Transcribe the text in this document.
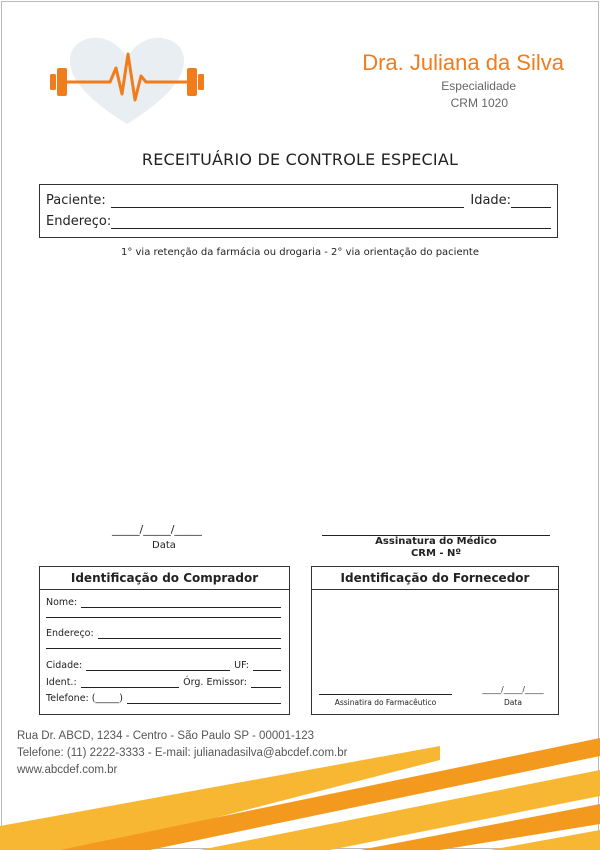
Dra. Juliana da Silva
Especialidade
CRM 1020
RECEITUÁRIO DE CONTROLE ESPECIAL
Paciente:	Idade:
Endereço:
1° via retenção da farmácia ou drogaria - 2° via orientação do paciente
_____/_____/_____
Data	Assinatura do Médico
CRM - Nº
Identificação do Comprador
Nome:
Endereço:
Cidade:	UF:
Ident.:	Órg. Emissor:
Telefone: (_____)
Identificação do Fornecedor
Assinatira do Farmacêutico
_____/_____/_____
Data
Rua Dr. ABCD, 1234 - Centro - São Paulo SP - 00001-123
Telefone: (11) 2222-3333 - E-mail: julianadasilva@abcdef.com.br
www.abcdef.com.br
